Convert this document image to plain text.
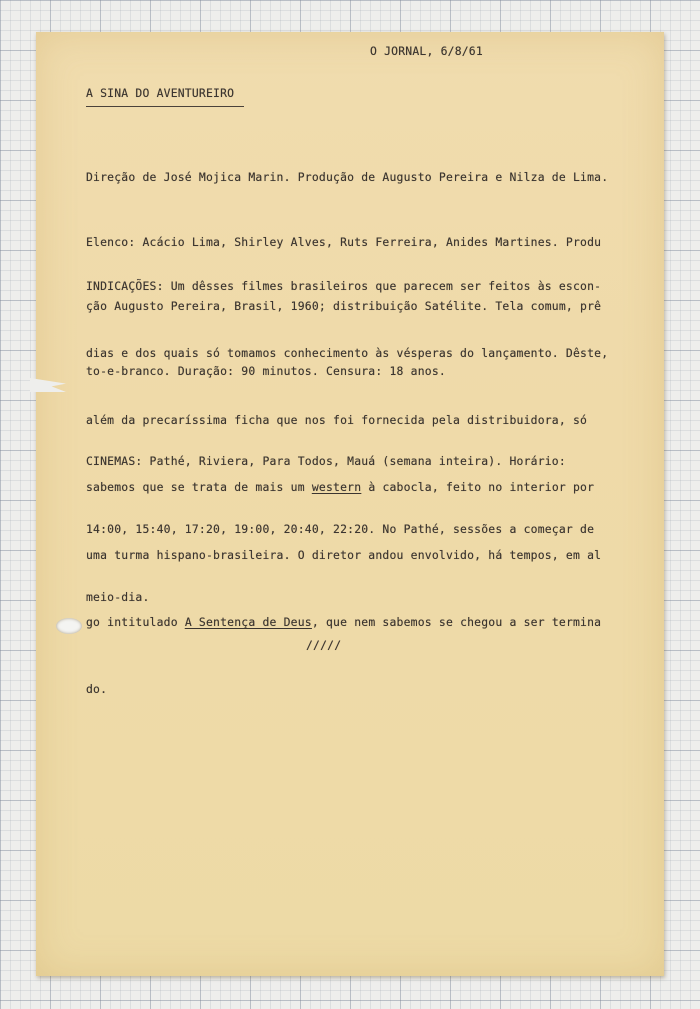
O JORNAL, 6/8/61
A SINA DO AVENTUREIRO

Direção de José Mojica Marin. Produção de Augusto Pereira e Nilza de Lima.

Elenco: Acácio Lima, Shirley Alves, Ruts Ferreira, Anides Martines. Produ

ção Augusto Pereira, Brasil, 1960; distribuição Satélite. Tela comum, prê

to-e-branco. Duração: 90 minutos. Censura: 18 anos.

INDICAÇÕES: Um dêsses filmes brasileiros que parecem ser feitos às escon-

dias e dos quais só tomamos conhecimento às vésperas do lançamento. Dêste,

além da precaríssima ficha que nos foi fornecida pela distribuidora, só

sabemos que se trata de mais um western à cabocla, feito no interior por

uma turma hispano-brasileira. O diretor andou envolvido, há tempos, em al

go intitulado A Sentença de Deus, que nem sabemos se chegou a ser termina

do.

CINEMAS: Pathé, Riviera, Para Todos, Mauá (semana inteira). Horário:

14:00, 15:40, 17:20, 19:00, 20:40, 22:20. No Pathé, sessões a começar de

meio-dia.

/////
